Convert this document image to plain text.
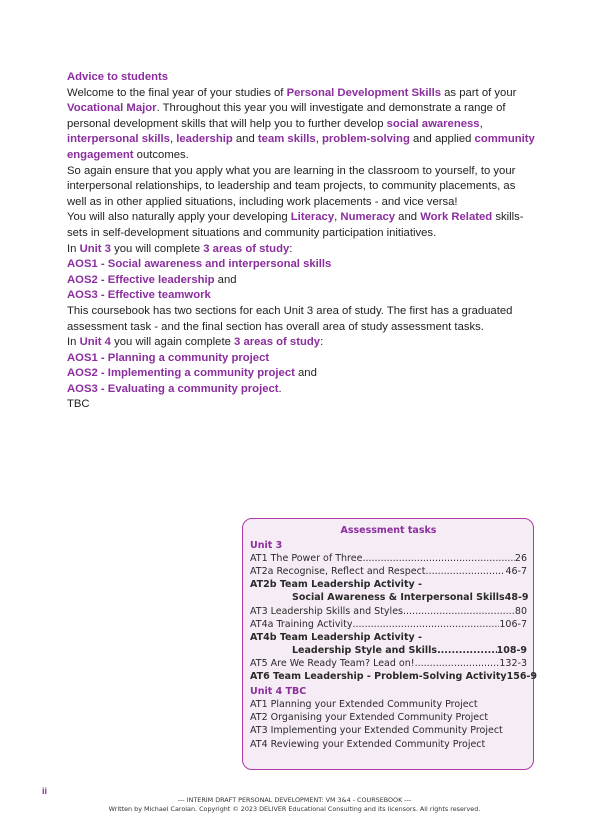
Advice to students

Welcome to the final year of your studies of Personal Development Skills as part of your Vocational Major. Throughout this year you will investigate and demonstrate a range of personal development skills that will help you to further develop social awareness, interpersonal skills, leadership and team skills, problem-solving and applied community engagement outcomes.

So again ensure that you apply what you are learning in the classroom to yourself, to your interpersonal relationships, to leadership and team projects, to community placements, as well as in other applied situations, including work placements - and vice versa!

You will also naturally apply your developing Literacy, Numeracy and Work Related skills-sets in self-development situations and community participation initiatives.

In Unit 3 you will complete 3 areas of study:

AOS1 - Social awareness and interpersonal skills

AOS2 - Effective leadership and

AOS3 - Effective teamwork

This coursebook has two sections for each Unit 3 area of study. The first has a graduated assessment task - and the final section has overall area of study assessment tasks.

In Unit 4 you will again complete 3 areas of study:

AOS1 - Planning a community project

AOS2 - Implementing a community project and

AOS3 - Evaluating a community project.

TBC

Assessment tasks
Unit 3
AT1 The Power of Three .....	26
AT2a Recognise, Reflect and Respect .....	46-7
AT2b Team Leadership Activity -
Social Awareness & Interpersonal Skills 48-9
AT3 Leadership Skills and Styles .....	80
AT4a Training Activity .....	106-7
AT4b Team Leadership Activity -
Leadership Style and Skills .....	108-9
AT5 Are We Ready Team? Lead on! .....	132-3
AT6 Team Leadership - Problem-Solving Activity 156-9
Unit 4 TBC
AT1 Planning your Extended Community Project
AT2 Organising your Extended Community Project
AT3 Implementing your Extended Community Project
AT4 Reviewing your Extended Community Project
ii
--- INTERIM DRAFT PERSONAL DEVELOPMENT: VM 3&4 - COURSEBOOK ---
Written by Michael Carolan. Copyright © 2023 DELIVER Educational Consulting and its licensors. All rights reserved.
